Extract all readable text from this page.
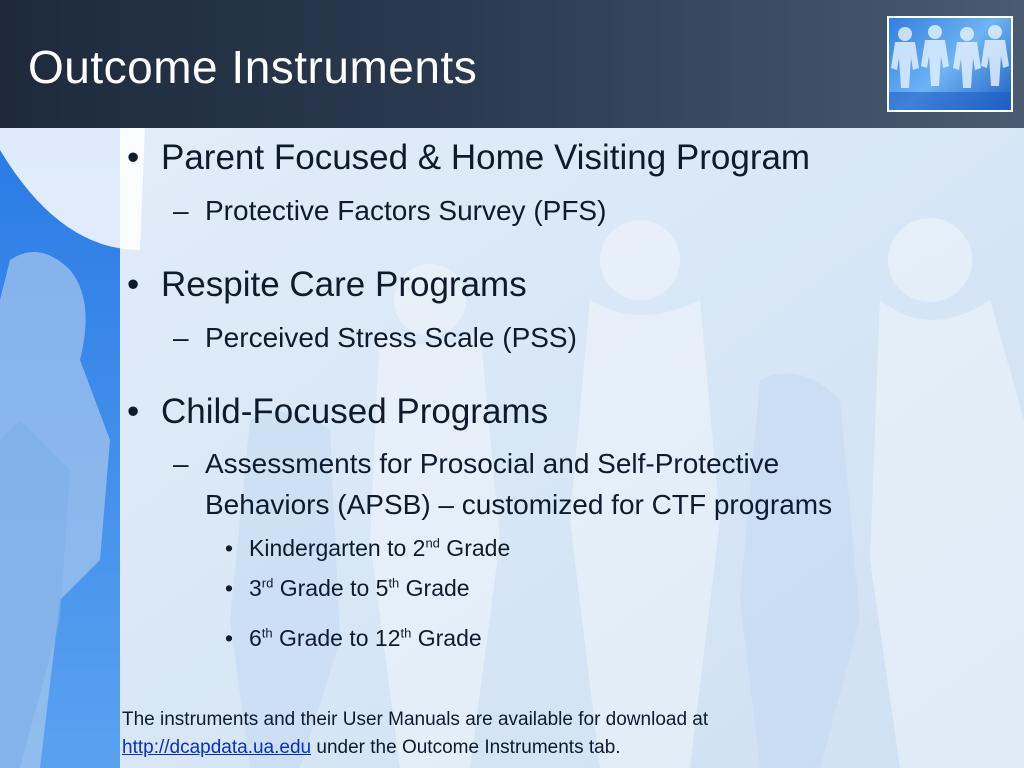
Outcome Instruments
• Parent Focused & Home Visiting Program
– Protective Factors Survey (PFS)
• Respite Care Programs
– Perceived Stress Scale (PSS)
• Child-Focused Programs
– Assessments for Prosocial and Self-Protective
Behaviors (APSB) – customized for CTF programs
• Kindergarten to 2nd Grade
• 3rd Grade to 5th Grade
• 6th Grade to 12th Grade
The instruments and their User Manuals are available for download at
http://dcapdata.ua.edu under the Outcome Instruments tab.
